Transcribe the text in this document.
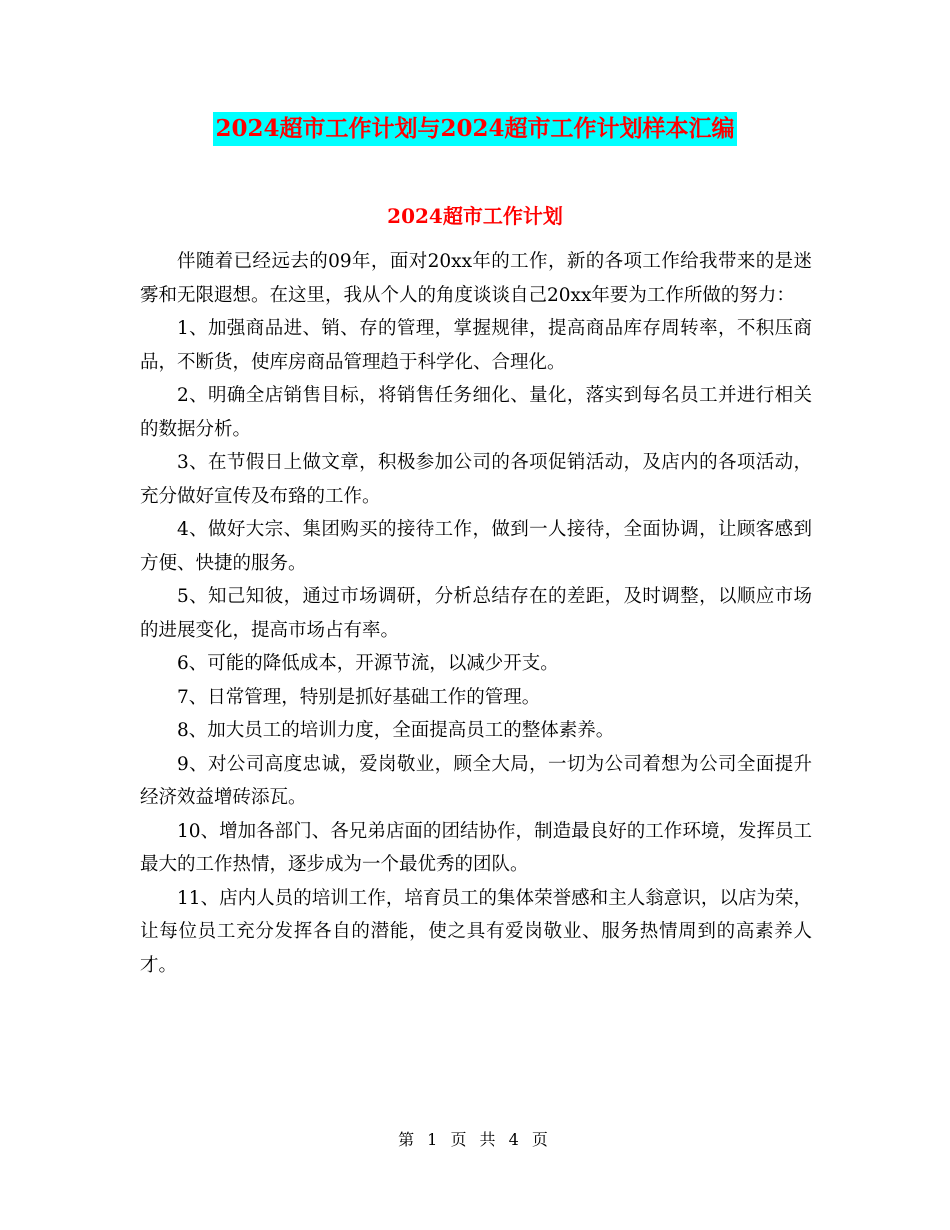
2024超市工作计划与2024超市工作计划样本汇编
2024超市工作计划

伴随着已经远去的09年，面对20xx年的工作，新的各项工作给我带来的是迷雾和无限遐想。在这里，我从个人的角度谈谈自己20xx年要为工作所做的努力：

1、加强商品进、销、存的管理，掌握规律，提高商品库存周转率，不积压商品，不断货，使库房商品管理趋于科学化、合理化。

2、明确全店销售目标，将销售任务细化、量化，落实到每名员工并进行相关的数据分析。

3、在节假日上做文章，积极参加公司的各项促销活动，及店内的各项活动，充分做好宣传及布臵的工作。

4、做好大宗、集团购买的接待工作，做到一人接待，全面协调，让顾客感到方便、快捷的服务。

5、知己知彼，通过市场调研，分析总结存在的差距，及时调整，以顺应市场的进展变化，提高市场占有率。

6、可能的降低成本，开源节流，以减少开支。

7、日常管理，特别是抓好基础工作的管理。

8、加大员工的培训力度，全面提高员工的整体素养。

9、对公司高度忠诚，爱岗敬业，顾全大局，一切为公司着想为公司全面提升经济效益增砖添瓦。

10、增加各部门、各兄弟店面的团结协作，制造最良好的工作环境，发挥员工最大的工作热情，逐步成为一个最优秀的团队。

11、店内人员的培训工作，培育员工的集体荣誉感和主人翁意识，以店为荣，让每位员工充分发挥各自的潜能，使之具有爱岗敬业、服务热情周到的高素养人才。

第 1 页 共 4 页
